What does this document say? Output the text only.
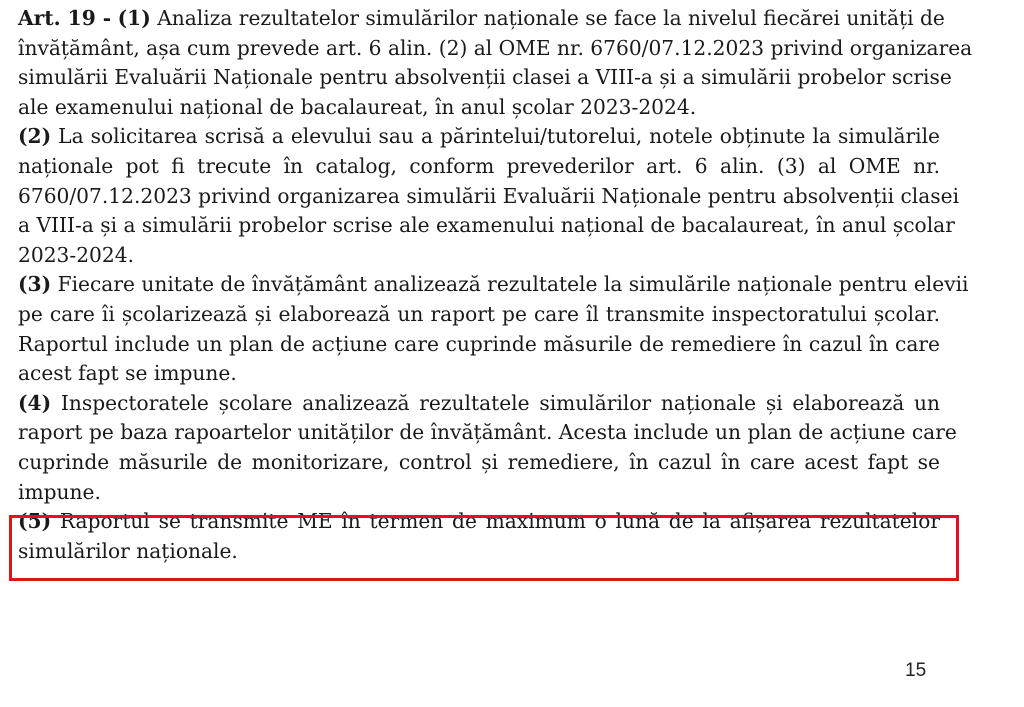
Art. 19 - (1) Analiza rezultatelor simulărilor naționale se face la nivelul fiecărei unități de
învățământ, așa cum prevede art. 6 alin. (2) al OME nr. 6760/07.12.2023 privind organizarea
simulării Evaluării Naționale pentru absolvenții clasei a VIII-a și a simulării probelor scrise
ale examenului național de bacalaureat, în anul școlar 2023-2024.
(2) La solicitarea scrisă a elevului sau a părintelui/tutorelui, notele obținute la simulările
naționale pot fi trecute în catalog, conform prevederilor art. 6 alin. (3) al OME nr.
6760/07.12.2023 privind organizarea simulării Evaluării Naționale pentru absolvenții clasei
a VIII-a și a simulării probelor scrise ale examenului național de bacalaureat, în anul școlar
2023-2024.
(3) Fiecare unitate de învățământ analizează rezultatele la simulările naționale pentru elevii
pe care îi școlarizează și elaborează un raport pe care îl transmite inspectoratului școlar.
Raportul include un plan de acțiune care cuprinde măsurile de remediere în cazul în care
acest fapt se impune.
(4) Inspectoratele școlare analizează rezultatele simulărilor naționale și elaborează un
raport pe baza rapoartelor unităților de învățământ. Acesta include un plan de acțiune care
cuprinde măsurile de monitorizare, control și remediere, în cazul în care acest fapt se
impune.
(5) Raportul se transmite ME în termen de maximum o lună de la afișarea rezultatelor
simulărilor naționale.
15
